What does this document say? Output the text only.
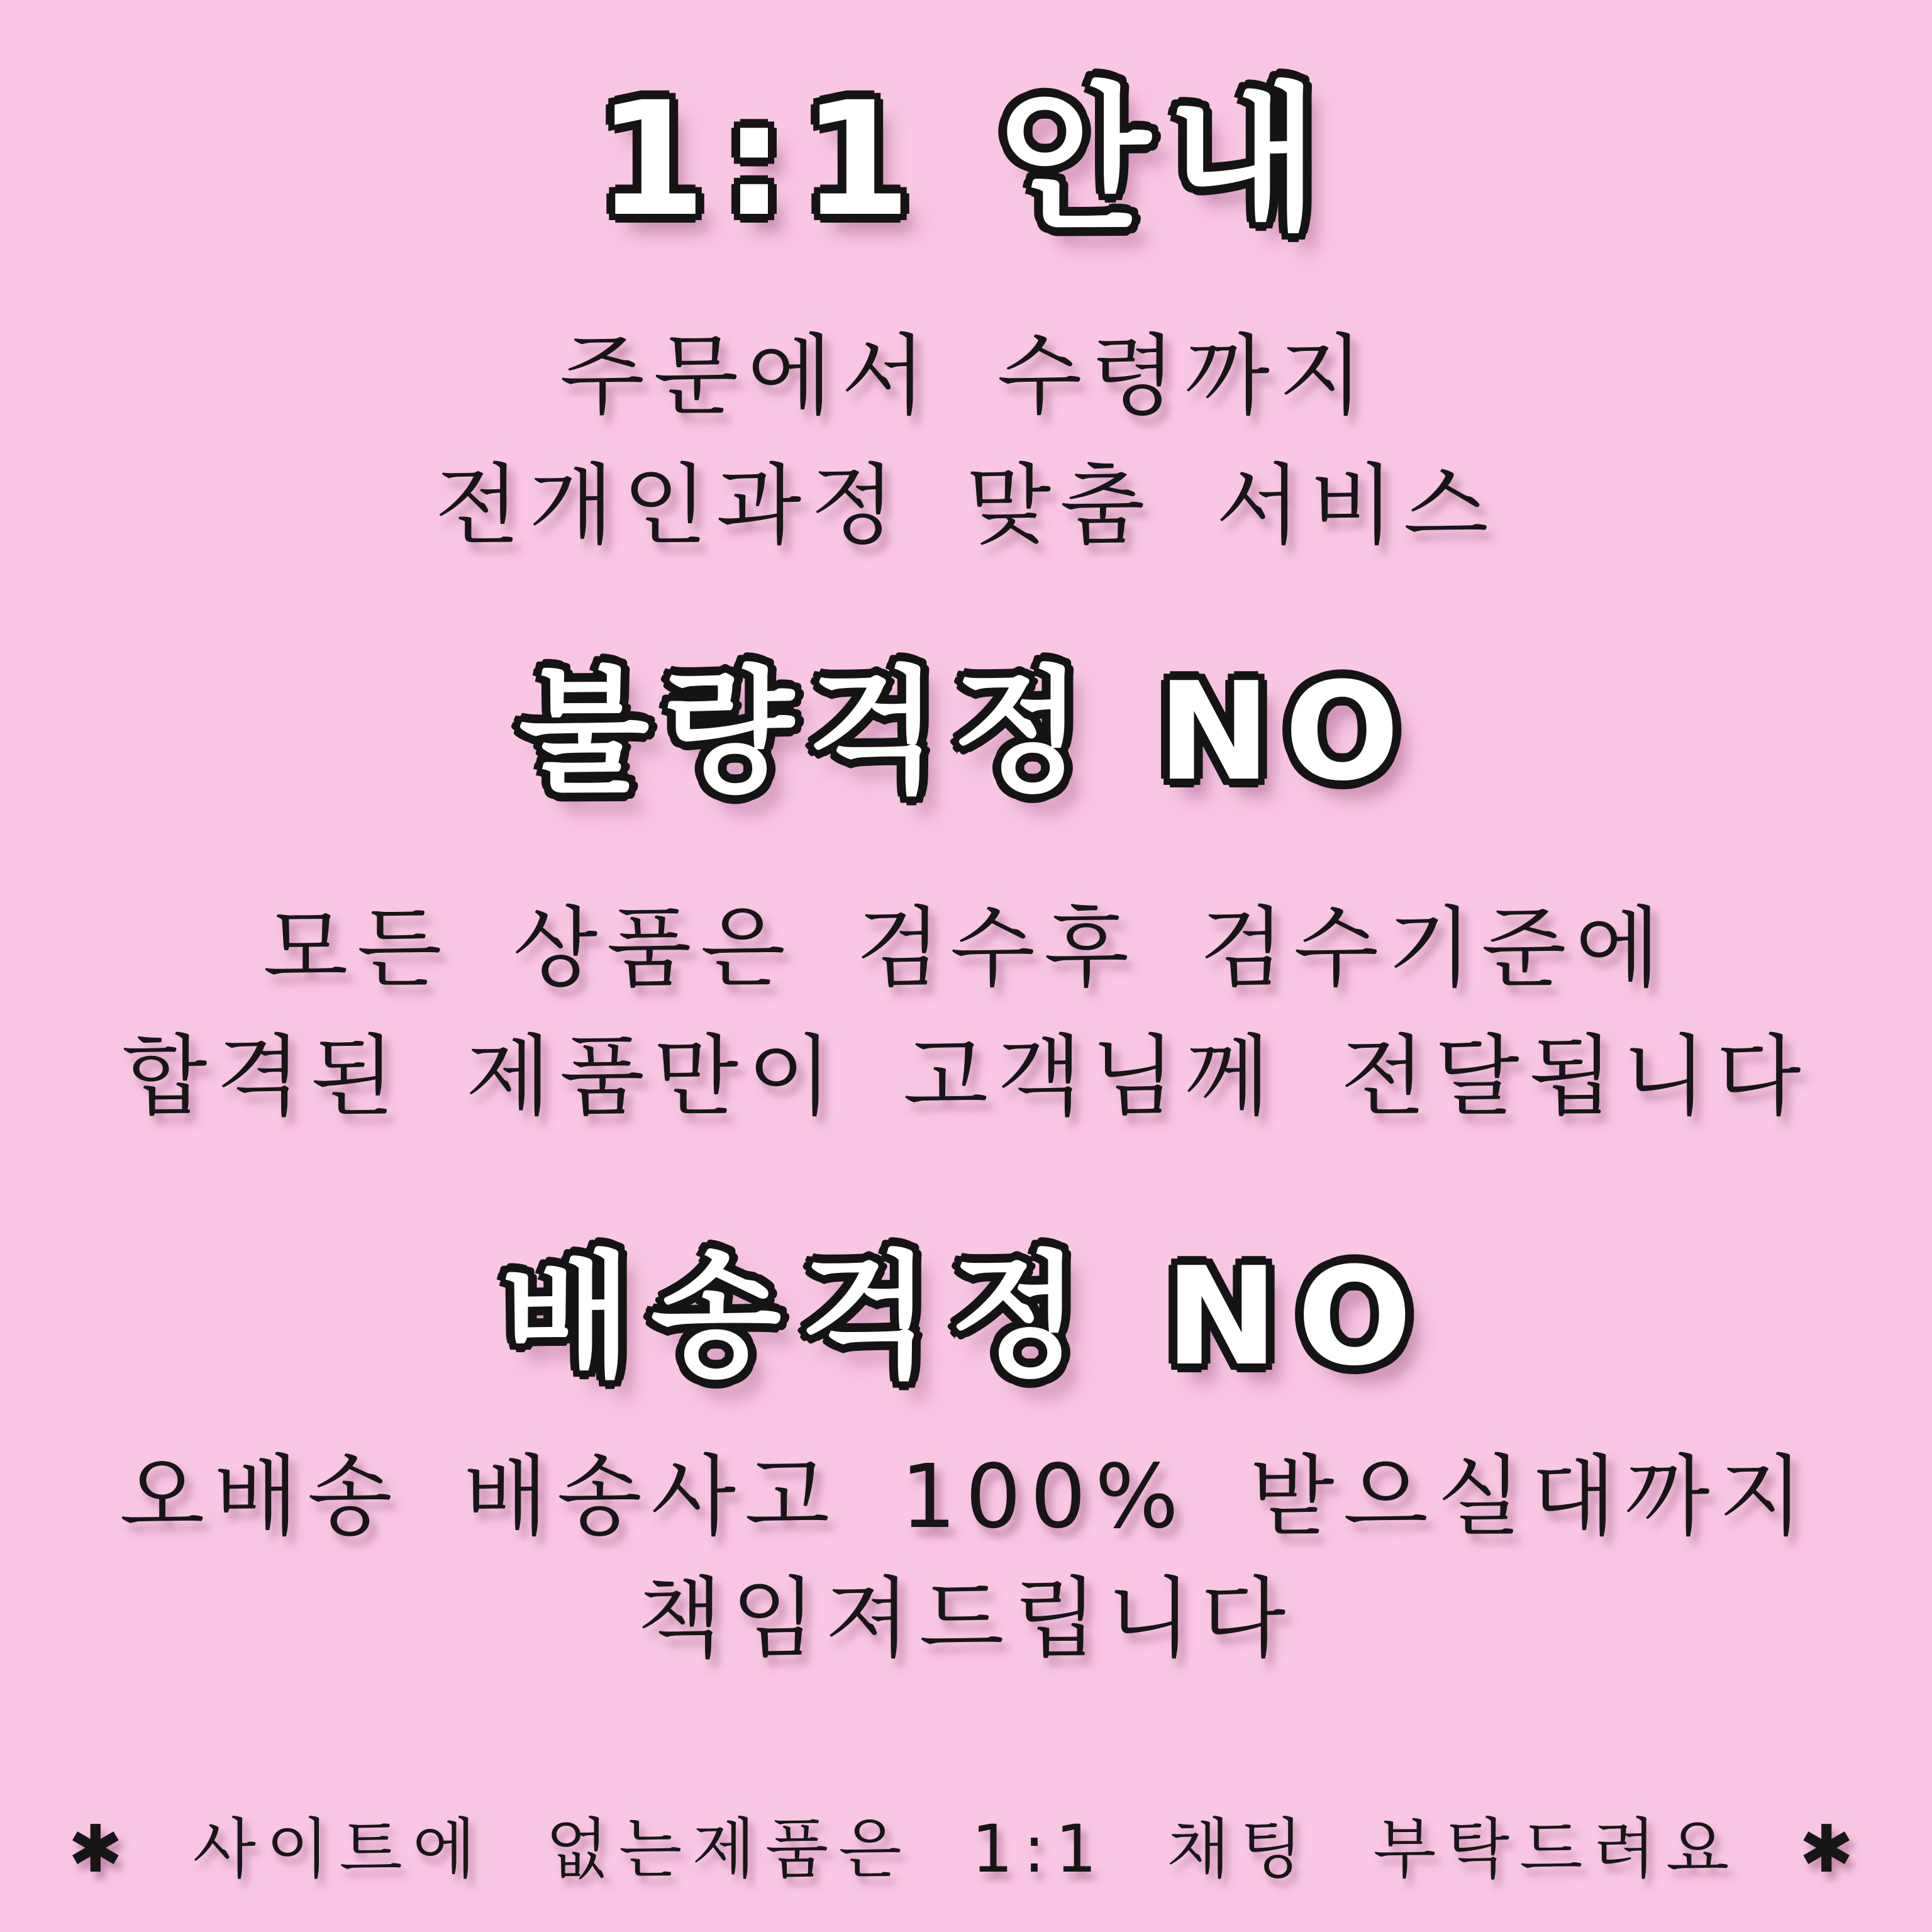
1:1 안내
주문에서 수령까지
전개인과정 맞춤 서비스
불량걱정 NO
모든 상품은 검수후 검수기준에
합격된 제품만이 고객님께 전달됩니다
배송걱정 NO
오배송 배송사고 100% 받으실대까지
책임져드립니다
✱ 사이트에 없는제품은 1:1 채팅 부탁드려요 ✱
